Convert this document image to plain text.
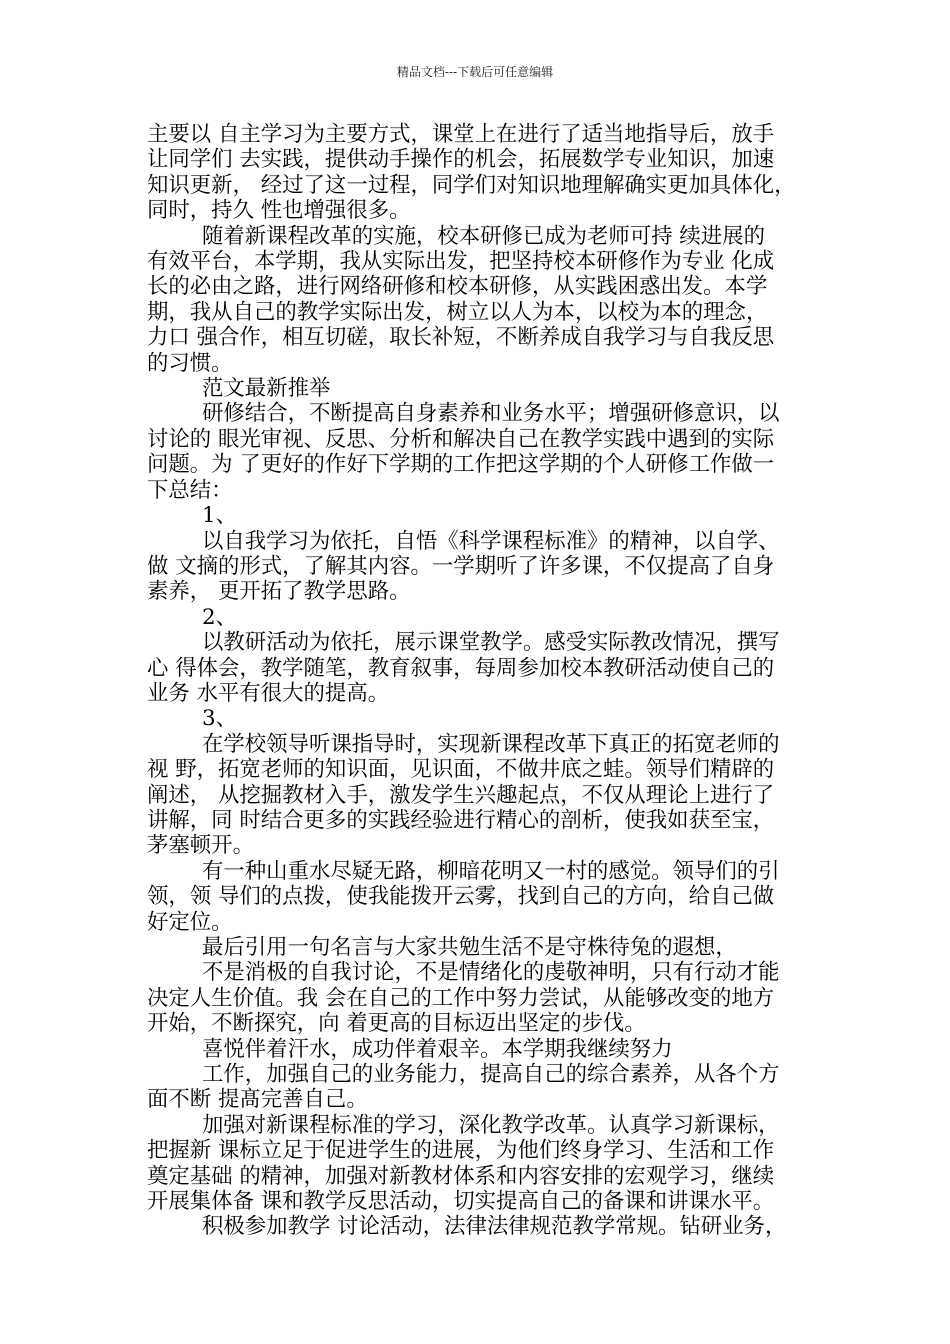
精品文档---下载后可任意编辑

主要以 自主学习为主要方式，课堂上在进行了适当地指导后，放手

让同学们 去实践，提供动手操作的机会，拓展数学专业知识，加速

知识更新， 经过了这一过程，同学们对知识地理解确实更加具体化，

同时，持久 性也增强很多。

随着新课程改革的实施，校本研修已成为老师可持 续进展的

有效平台，本学期，我从实际出发，把坚持校本研修作为专业 化成

长的必由之路，进行网络研修和校本研修，从实践困惑出发。本学

期，我从自己的教学实际出发，树立以人为本，以校为本的理念，

力口 强合作，相互切磋，取长补短，不断养成自我学习与自我反思

的习惯。

范文最新推举

研修结合，不断提高自身素养和业务水平；增强研修意识，以

讨论的 眼光审视、反思、分析和解决自己在教学实践中遇到的实际

问题。为 了更好的作好下学期的工作把这学期的个人研修工作做一

下总结：

1、

以自我学习为依托，自悟《科学课程标准》的精神，以自学、

做 文摘的形式，了解其内容。一学期听了许多课，不仅提高了自身

素养， 更开拓了教学思路。

2、

以教研活动为依托，展示课堂教学。感受实际教改情况，撰写

心 得体会，教学随笔，教育叙事，每周参加校本教研活动使自己的

业务 水平有很大的提高。

3、

在学校领导听课指导时，实现新课程改革下真正的拓宽老师的

视 野，拓宽老师的知识面，见识面，不做井底之蛙。领导们精辟的

阐述， 从挖掘教材入手，激发学生兴趣起点，不仅从理论上进行了

讲解，同 时结合更多的实践经验进行精心的剖析，使我如获至宝，

茅塞顿开。

有一种山重水尽疑无路，柳暗花明又一村的感觉。领导们的引

领，领 导们的点拨，使我能拨开云雾，找到自己的方向，给自己做

好定位。

最后引用一句名言与大家共勉生活不是守株待兔的遐想，

不是消极的自我讨论，不是情绪化的虔敬神明，只有行动才能

决定人生价值。我 会在自己的工作中努力尝试，从能够改变的地方

开始，不断探究，向 着更高的目标迈出坚定的步伐。

喜悦伴着汗水，成功伴着艰辛。本学期我继续努力

工作，加强自己的业务能力，提高自己的综合素养，从各个方

面不断 提髙完善自己。

加强对新课程标准的学习，深化教学改革。认真学习新课标，

把握新 课标立足于促进学生的进展，为他们终身学习、生活和工作

奠定基础 的精神，加强对新教材体系和内容安排的宏观学习，继续

开展集体备 课和教学反思活动，切实提高自己的备课和讲课水平。

积极参加教学 讨论活动，法律法律规范教学常规。钻研业务，
